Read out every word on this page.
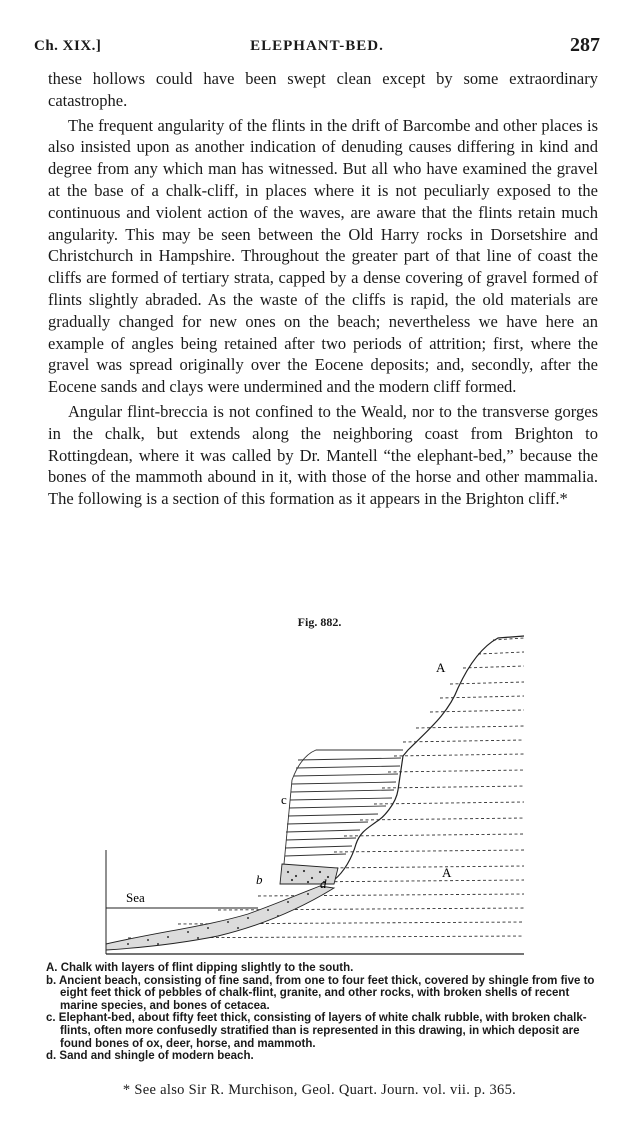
Ch. XIX.]	ELEPHANT-BED.	287

these hollows could have been swept clean except by some extraordinary catastrophe.

The frequent angularity of the flints in the drift of Barcombe and other places is also insisted upon as another indication of denuding causes differing in kind and degree from any which man has witnessed. But all who have examined the gravel at the base of a chalk-cliff, in places where it is not peculiarly exposed to the continuous and violent action of the waves, are aware that the flints retain much angularity. This may be seen between the Old Harry rocks in Dorsetshire and Christchurch in Hampshire. Throughout the greater part of that line of coast the cliffs are formed of tertiary strata, capped by a dense covering of gravel formed of flints slightly abraded. As the waste of the cliffs is rapid, the old materials are gradually changed for new ones on the beach; nevertheless we have here an example of angles being retained after two periods of attrition; first, where the gravel was spread originally over the Eocene deposits; and, secondly, after the Eocene sands and clays were undermined and the modern cliff formed.

Angular flint-breccia is not confined to the Weald, nor to the transverse gorges in the chalk, but extends along the neighboring coast from Brighton to Rottingdean, where it was called by Dr. Mantell “the elephant-bed,” because the bones of the mammoth abound in it, with those of the horse and other mammalia. The following is a section of this formation as it appears in the Brighton cliff.*

Fig. 882.
A
A
c
b	d
Sea
A. Chalk with layers of flint dipping slightly to the south.
b. Ancient beach, consisting of fine sand, from one to four feet thick, covered by shingle from five to eight feet thick of pebbles of chalk-flint, granite, and other rocks, with broken shells of recent marine species, and bones of cetacea.
c. Elephant-bed, about fifty feet thick, consisting of layers of white chalk rubble, with broken chalk-flints, often more confusedly stratified than is represented in this drawing, in which deposit are found bones of ox, deer, horse, and mammoth.
d. Sand and shingle of modern beach.
* See also Sir R. Murchison, Geol. Quart. Journ. vol. vii. p. 365.
